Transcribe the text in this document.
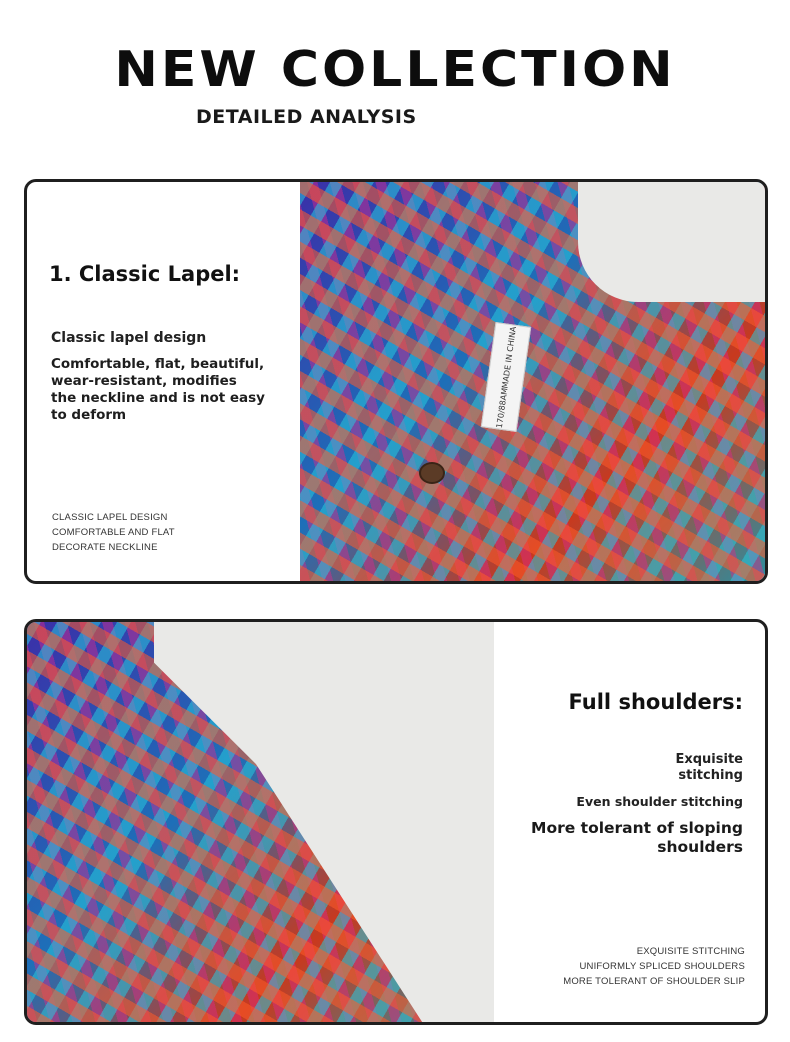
NEW COLLECTION
DETAILED ANALYSIS
1. Classic Lapel:
Classic lapel design
Comfortable, flat, beautiful, wear-resistant, modifies the neckline and is not easy to deform
CLASSIC LAPEL DESIGN
COMFORTABLE AND FLAT
DECORATE NECKLINE
MADE IN CHINA
M
170/88A
Full shoulders:
Exquisite stitching
Even shoulder stitching
More tolerant of sloping shoulders
EXQUISITE STITCHING
UNIFORMLY SPLICED SHOULDERS
MORE TOLERANT OF SHOULDER SLIP
